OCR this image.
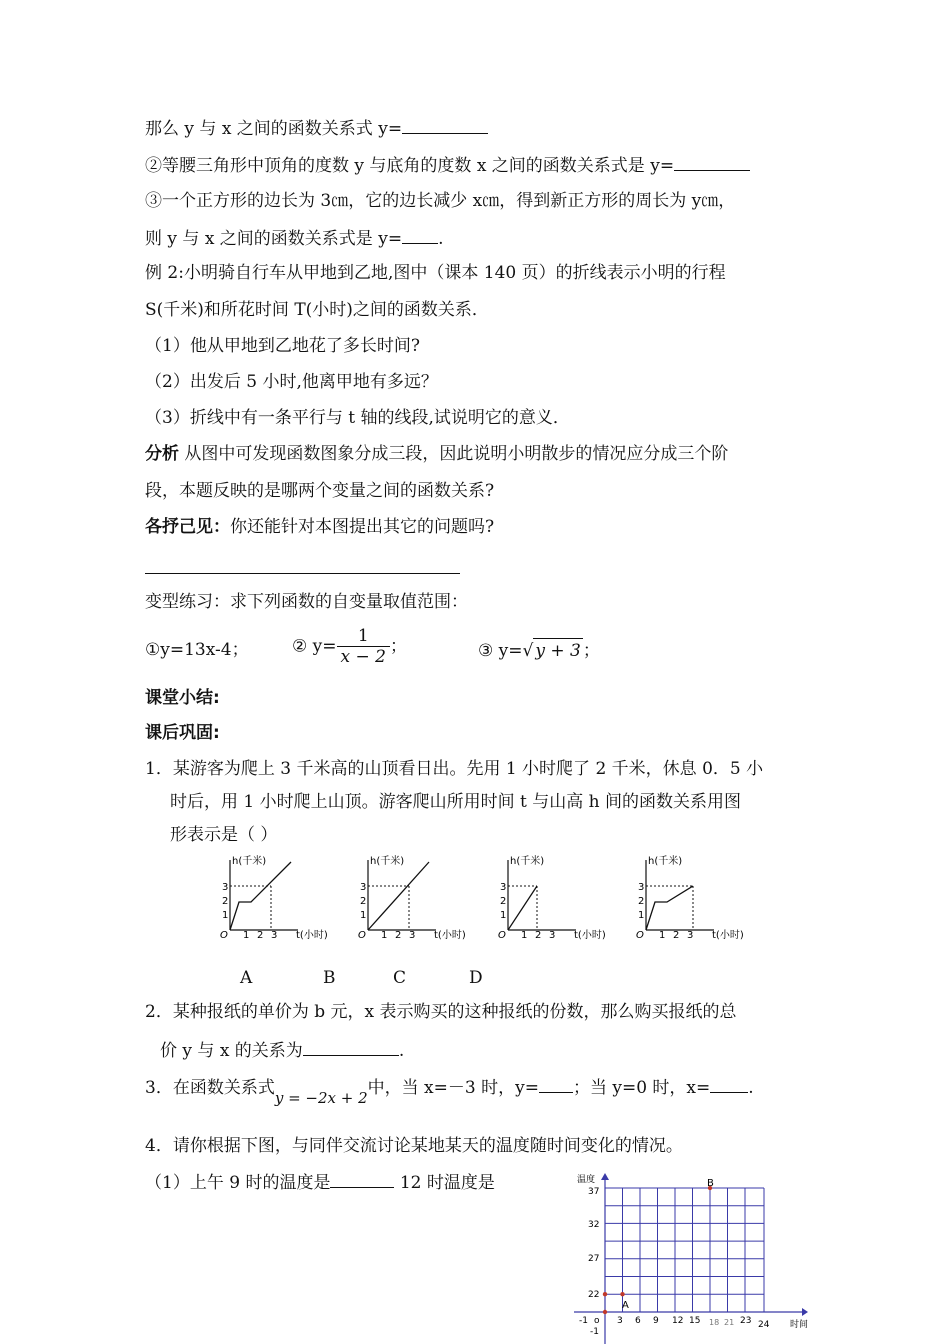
那么 y 与 x 之间的函数关系式 y=
②等腰三角形中顶角的度数 y 与底角的度数 x 之间的函数关系式是 y=
③一个正方形的边长为 3㎝，它的边长减少 x㎝，得到新正方形的周长为 y㎝，
则 y 与 x 之间的函数关系式是 y= .
例 2:小明骑自行车从甲地到乙地,图中（课本 140 页）的折线表示小明的行程
S(千米)和所花时间 T(小时)之间的函数关系．
（1）他从甲地到乙地花了多长时间?
（2）出发后 5 小时,他离甲地有多远？
（3）折线中有一条平行与 t 轴的线段,试说明它的意义．
分析 从图中可发现函数图象分成三段，因此说明小明散步的情况应分成三个阶
段，本题反映的是哪两个变量之间的函数关系?
各抒己见：你还能针对本图提出其它的问题吗?
变型练习：求下列函数的自变量取值范围：
①y=13x-4；	② $y= \frac{1}{x - 2}$ ；	③ y=√ y + 3 ；
课堂小结:
课后巩固:
1．某游客为爬上 3 千米高的山顶看日出。先用 1 小时爬了 2 千米，休息 0．5 小
时后，用 1 小时爬上山顶。游客爬山所用时间 t 与山高 h 间的函数关系用图
形表示是（ ）
h(千米)
t(小时)
O
1
2
3
1 2 3
h(千米)
t(小时)
O
1
2
3
1 2 3
h(千米)
t(小时)
O
1
2
3
1 2 3
h(千米)
t(小时)
O
1
2
3
1 2 3
A	B	C	D
2．某种报纸的单价为 b 元，x 表示购买的这种报纸的份数，那么购买报纸的总
价 y 与 x 的关系为	.
3．在函数关系式y = −2x + 2中，当 x=－3 时，y= ；当 y=0 时，x= .
4．请你根据下图，与同伴交流讨论某地某天的温度随时间变化的情况。
（1）上午 9 时的温度是	12 时温度是	温度
时间
37
32
27
22
-1
-1 o 3 6 9 12 15 18 21 23 24
A
B
